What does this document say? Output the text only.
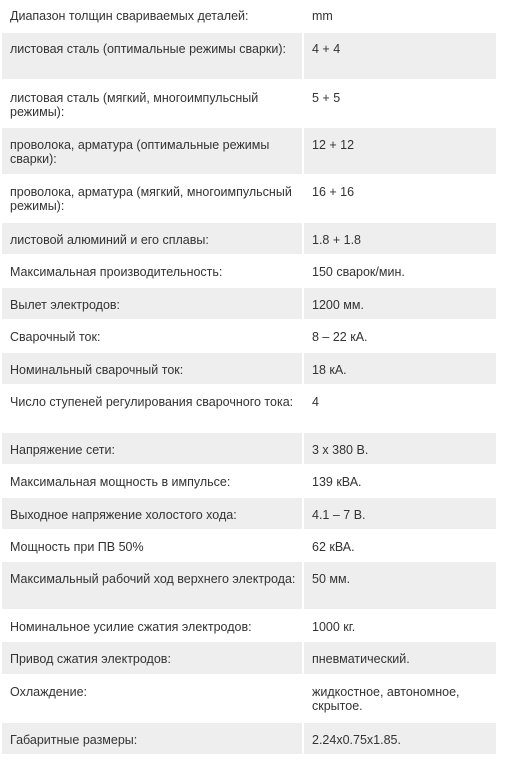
Диапазон толщин свариваемых деталей:	mm

листовая сталь (оптимальные режимы сварки):	4 + 4

листовая сталь (мягкий, многоимпульсный режимы):	5 + 5

проволока, арматура (оптимальные режимы сварки):	12 + 12

проволока, арматура (мягкий, многоимпульсный режимы):	16 + 16

листовой алюминий и его сплавы:	1.8 + 1.8

Максимальная производительность:	150 сварок/мин.

Вылет электродов:	1200 мм.

Сварочный ток:	8 – 22 кА.

Номинальный сварочный ток:	18 кА.

Число ступеней регулирования сварочного тока:	4

Напряжение сети:	3 х 380 В.

Максимальная мощность в импульсе:	139 кВА.

Выходное напряжение холостого хода:	4.1 – 7 В.

Мощность при ПВ 50%	62 кВА.

Максимальный рабочий ход верхнего электрода:	50 мм.

Номинальное усилие сжатия электродов:	1000 кг.

Привод сжатия электродов:	пневматический.

Охлаждение:	жидкостное, автономное, скрытое.

Габаритные размеры:	2.24х0.75х1.85.
